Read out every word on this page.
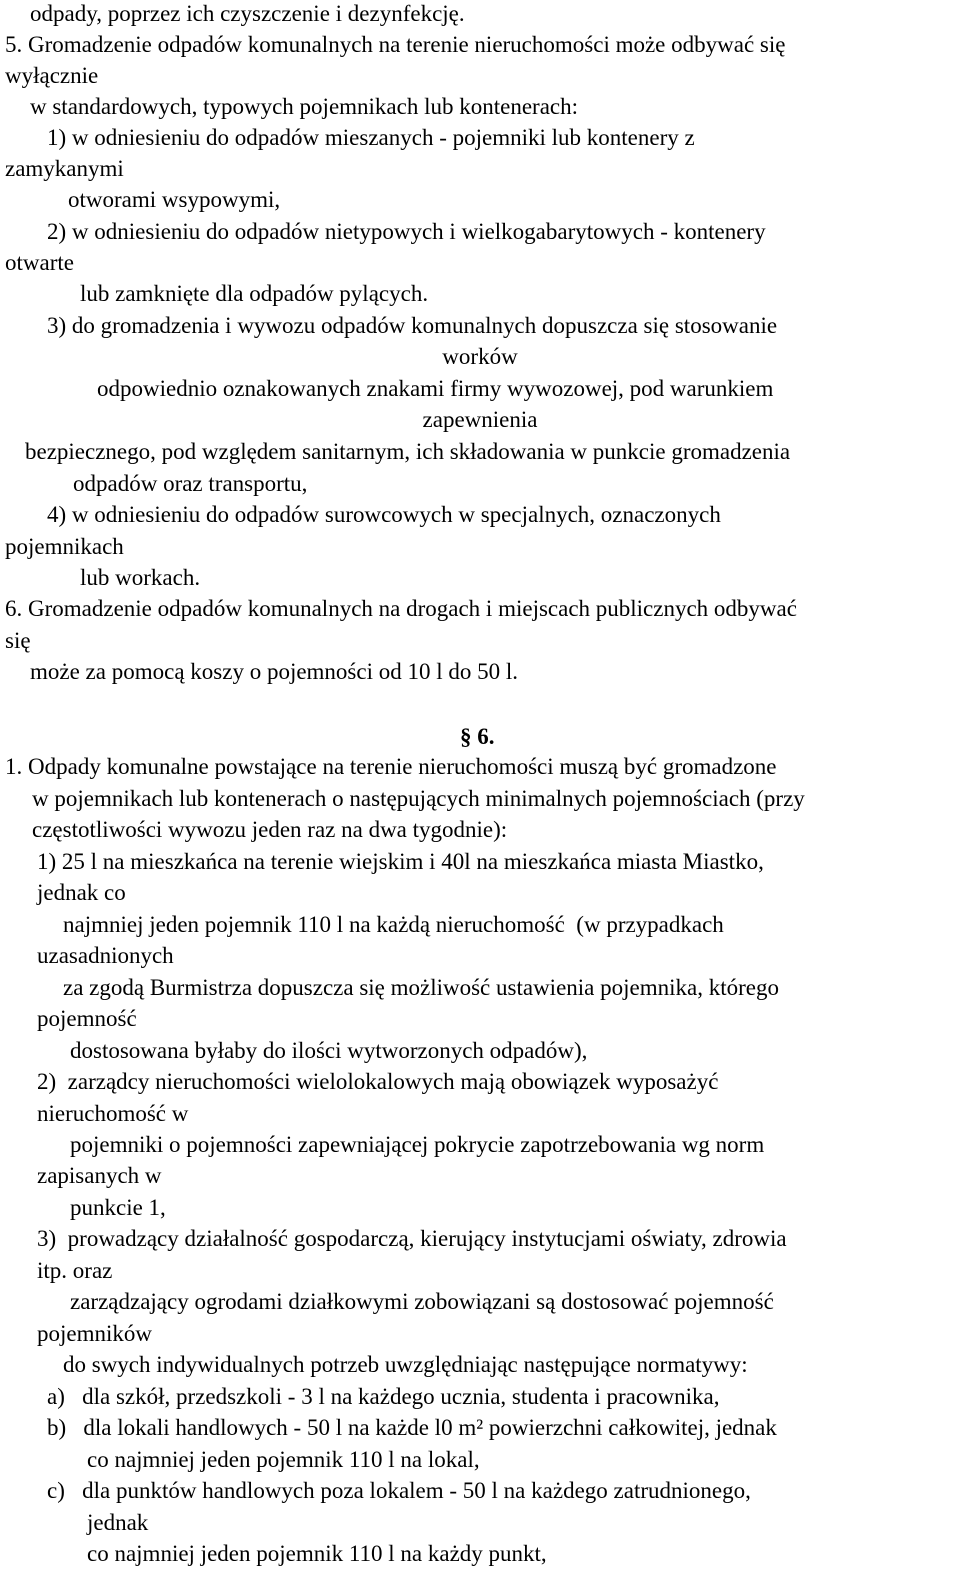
odpady, poprzez ich czyszczenie i dezynfekcję.
5. Gromadzenie odpadów komunalnych na terenie nieruchomości może odbywać się
wyłącznie
w standardowych, typowych pojemnikach lub kontenerach:
1) w odniesieniu do odpadów mieszanych - pojemniki lub kontenery z
zamykanymi
otworami wsypowymi,
2) w odniesieniu do odpadów nietypowych i wielkogabarytowych - kontenery
otwarte
lub zamknięte dla odpadów pylących.
3) do gromadzenia i wywozu odpadów komunalnych dopuszcza się stosowanie
worków
odpowiednio oznakowanych znakami firmy wywozowej, pod warunkiem
zapewnienia
bezpiecznego, pod względem sanitarnym, ich składowania w punkcie gromadzenia
odpadów oraz transportu,
4) w odniesieniu do odpadów surowcowych w specjalnych, oznaczonych
pojemnikach
lub workach.
6. Gromadzenie odpadów komunalnych na drogach i miejscach publicznych odbywać
się
może za pomocą koszy o pojemności od 10 l do 50 l.
§ 6.
1. Odpady komunalne powstające na terenie nieruchomości muszą być gromadzone
w pojemnikach lub kontenerach o następujących minimalnych pojemnościach (przy
częstotliwości wywozu jeden raz na dwa tygodnie):
1) 25 l na mieszkańca na terenie wiejskim i 40l na mieszkańca miasta Miastko,
jednak co
najmniej jeden pojemnik 110 l na każdą nieruchomość  (w przypadkach
uzasadnionych
za zgodą Burmistrza dopuszcza się możliwość ustawienia pojemnika, którego
pojemność
dostosowana byłaby do ilości wytworzonych odpadów),
2)  zarządcy nieruchomości wielolokalowych mają obowiązek wyposażyć
nieruchomość w
pojemniki o pojemności zapewniającej pokrycie zapotrzebowania wg norm
zapisanych w
punkcie 1,
3)  prowadzący działalność gospodarczą, kierujący instytucjami oświaty, zdrowia
itp. oraz
zarządzający ogrodami działkowymi zobowiązani są dostosować pojemność
pojemników
do swych indywidualnych potrzeb uwzględniając następujące normatywy:
a)   dla szkół, przedszkoli - 3 l na każdego ucznia, studenta i pracownika,
b)   dla lokali handlowych - 50 l na każde l0 m² powierzchni całkowitej, jednak
co najmniej jeden pojemnik 110 l na lokal,
c)   dla punktów handlowych poza lokalem - 50 l na każdego zatrudnionego,
jednak
co najmniej jeden pojemnik 110 l na każdy punkt,
